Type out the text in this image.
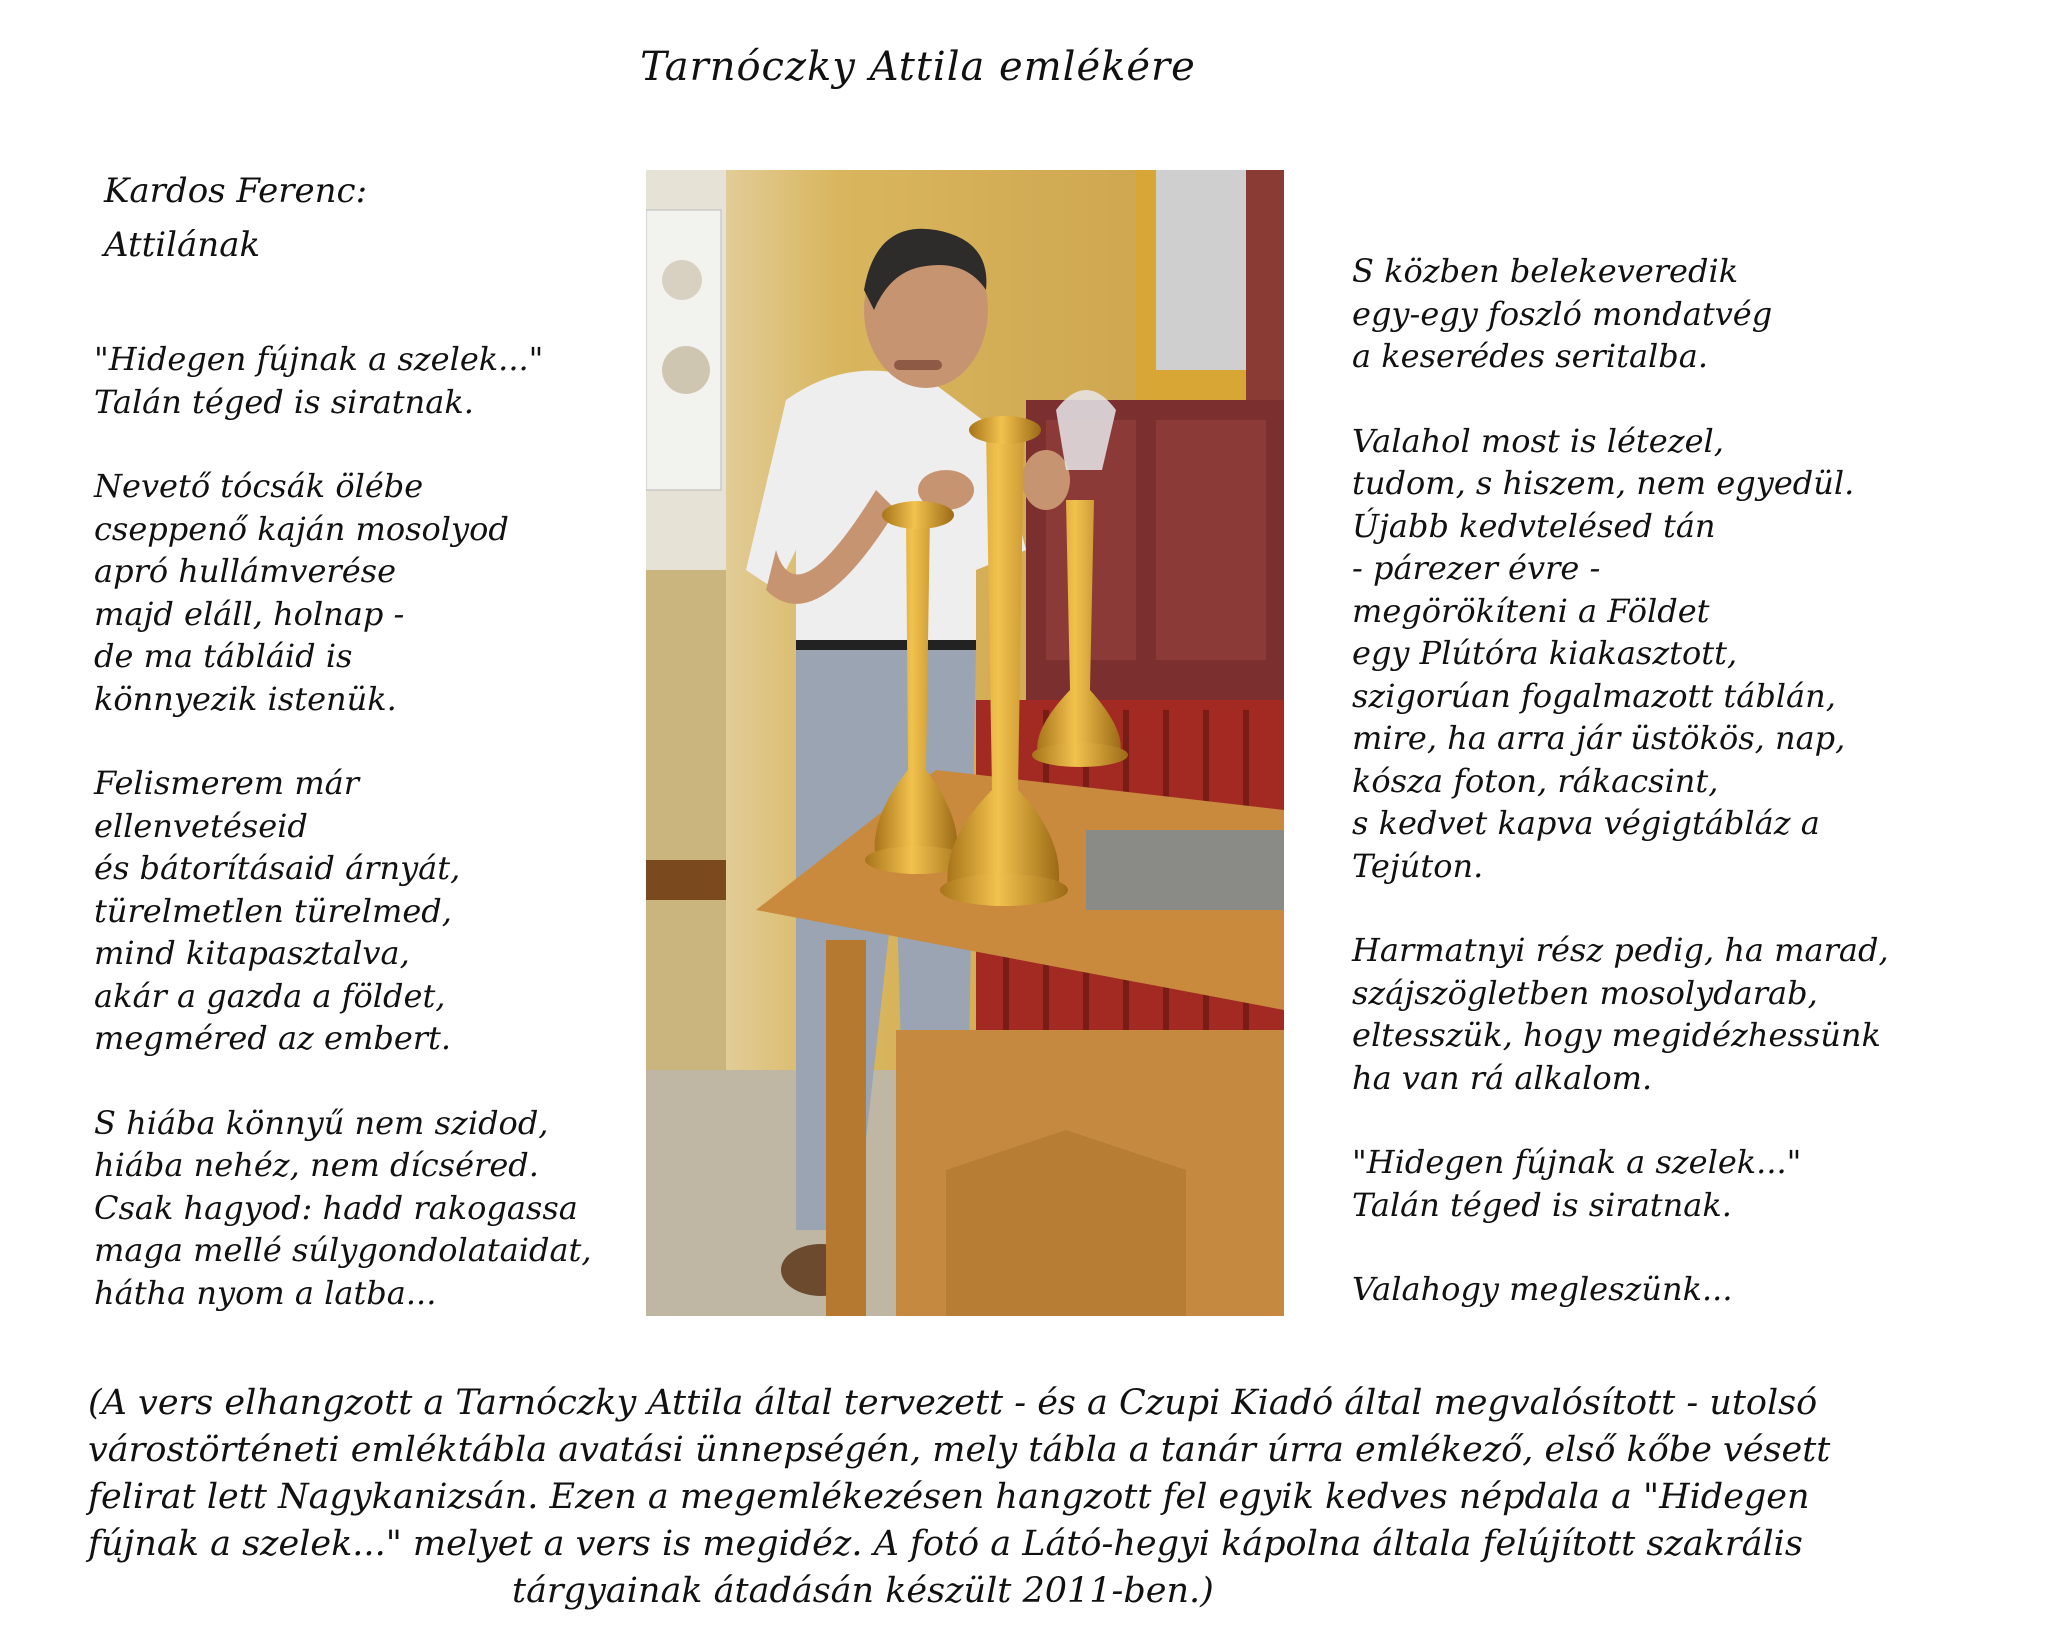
Tarnóczky Attila emlékére
Kardos Ferenc:
Attilának
"Hidegen fújnak a szelek..."
Talán téged is siratnak.
Nevető tócsák ölébe
cseppenő kaján mosolyod
apró hullámverése
majd eláll, holnap -
de ma tábláid is
könnyezik istenük.
Felismerem már
ellenvetéseid
és bátorításaid árnyát,
türelmetlen türelmed,
mind kitapasztalva,
akár a gazda a földet,
megméred az embert.
S hiába könnyű nem szidod,
hiába nehéz, nem dícséred.
Csak hagyod: hadd rakogassa
maga mellé súlygondolataidat,
hátha nyom a latba...
S közben belekeveredik
egy-egy foszló mondatvég
a keserédes seritalba.
Valahol most is létezel,
tudom, s hiszem, nem egyedül.
Újabb kedvtelésed tán
- párezer évre -
megörökíteni a Földet
egy Plútóra kiakasztott,
szigorúan fogalmazott táblán,
mire, ha arra jár üstökös, nap,
kósza foton, rákacsint,
s kedvet kapva végigtábláz a
Tejúton.
Harmatnyi rész pedig, ha marad,
szájszögletben mosolydarab,
eltesszük, hogy megidézhessünk
ha van rá alkalom.
"Hidegen fújnak a szelek..."
Talán téged is siratnak.
Valahogy megleszünk...
(A vers elhangzott a Tarnóczky Attila által tervezett - és a Czupi Kiadó által megvalósított - utolsó
várostörténeti emléktábla avatási ünnepségén, mely tábla a tanár úrra emlékező, első kőbe vésett
felirat lett Nagykanizsán. Ezen a megemlékezésen hangzott fel egyik kedves népdala a "Hidegen
fújnak a szelek..." melyet a vers is megidéz. A fotó a Látó-hegyi kápolna általa felújított szakrális
tárgyainak átadásán készült 2011-ben.)
